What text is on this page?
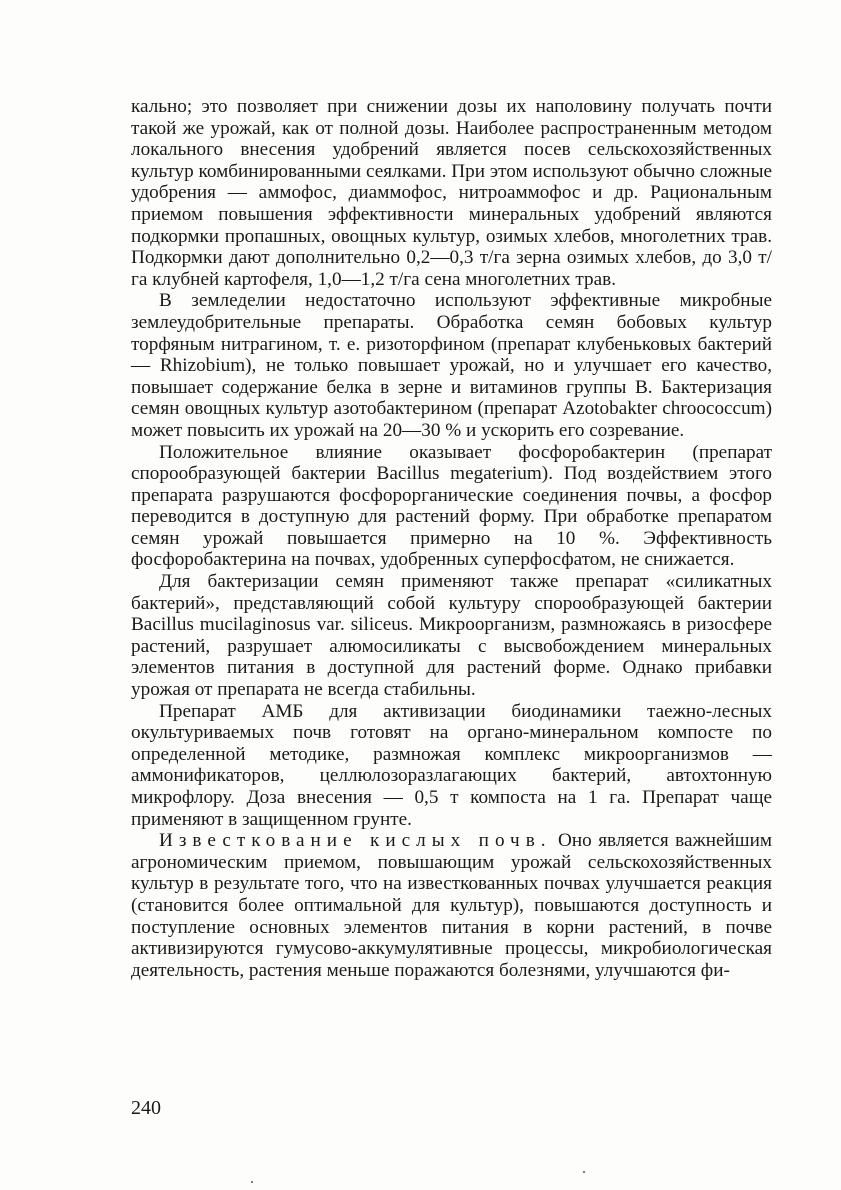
кально; это позволяет при снижении дозы их наполовину получать почти такой же урожай, как от полной дозы. Наиболее распространенным методом локального внесения удобрений является посев сельскохозяйственных культур комбинированными сеялками. При этом используют обычно сложные удобрения — аммофос, диаммофос, нитроаммофос и др. Рациональным приемом повышения эффективности минеральных удобрений являются подкормки пропашных, овощных культур, озимых хлебов, многолетних трав. Подкормки дают дополнительно 0,2—0,3 т/га зерна озимых хлебов, до 3,0 т/га клубней картофеля, 1,0—1,2 т/га сена многолетних трав.

В земледелии недостаточно используют эффективные микробные землеудобрительные препараты. Обработка семян бобовых культур торфяным нитрагином, т. е. ризоторфином (препарат клубеньковых бактерий — Rhizobium), не только повышает урожай, но и улучшает его качество, повышает содержание белка в зерне и витаминов группы В. Бактеризация семян овощных культур азотобактерином (препарат Azotobakter chroococcum) может повысить их урожай на 20—30 % и ускорить его созревание.

Положительное влияние оказывает фосфоробактерин (препарат спорообразующей бактерии Bacillus megaterium). Под воздействием этого препарата разрушаются фосфорорганические соединения почвы, а фосфор переводится в доступную для растений форму. При обработке препаратом семян урожай повышается примерно на 10 %. Эффективность фосфоробактерина на почвах, удобренных суперфосфатом, не снижается.

Для бактеризации семян применяют также препарат «силикатных бактерий», представляющий собой культуру спорообразующей бактерии Bacillus mucilaginosus var. siliceus. Микроорганизм, размножаясь в ризосфере растений, разрушает алюмосиликаты с высвобождением минеральных элементов питания в доступной для растений форме. Однако прибавки урожая от препарата не всегда стабильны.

Препарат АМБ для активизации биодинамики таежно-лесных окультуриваемых почв готовят на органо-минеральном компосте по определенной методике, размножая комплекс микроорганизмов — аммонификаторов, целлюлозоразлагающих бактерий, автохтонную микрофлору. Доза внесения — 0,5 т компоста на 1 га. Препарат чаще применяют в защищенном грунте.

Известкование кислых почв. Оно является важнейшим агрономическим приемом, повышающим урожай сельскохозяйственных культур в результате того, что на известкованных почвах улучшается реакция (становится более оптимальной для культур), повышаются доступность и поступление основных элементов питания в корни растений, в почве активизируются гумусово-аккумулятивные процессы, микробиологическая деятельность, растения меньше поражаются болезнями, улучшаются фи-

240
